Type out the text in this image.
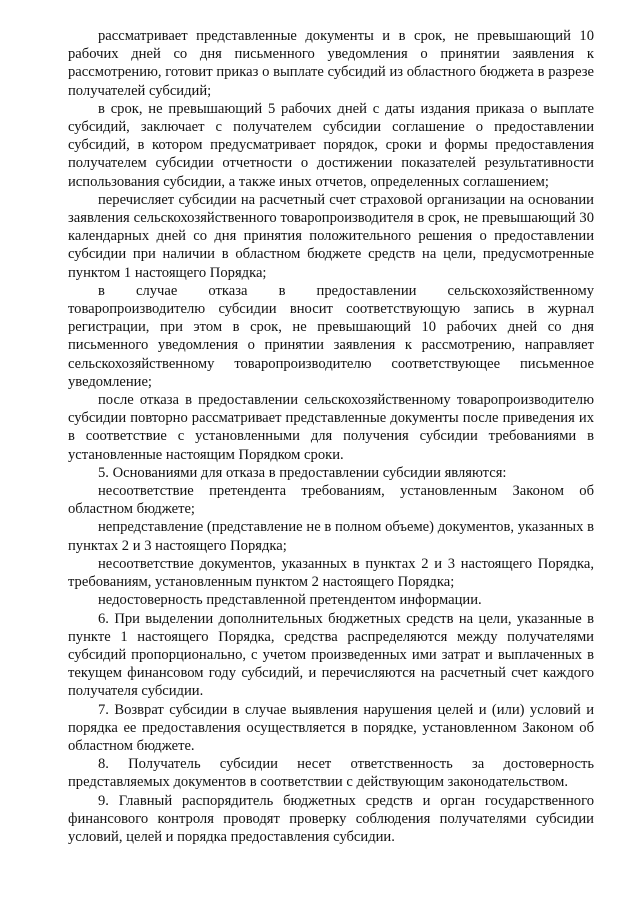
рассматривает представленные документы и в срок, не превышающий 10 рабочих дней со дня письменного уведомления о принятии заявления к рассмотрению, готовит приказ о выплате субсидий из областного бюджета в разрезе получателей субсидий;

в срок, не превышающий 5 рабочих дней с даты издания приказа о выплате субсидий, заключает с получателем субсидии соглашение о предоставлении субсидий, в котором предусматривает порядок, сроки и формы предоставления получателем субсидии отчетности о достижении показателей результативности использования субсидии, а также иных отчетов, определенных соглашением;

перечисляет субсидии на расчетный счет страховой организации на основании заявления сельскохозяйственного товаропроизводителя в срок, не превышающий 30 календарных дней со дня принятия положительного решения о предоставлении субсидии при наличии в областном бюджете средств на цели, предусмотренные пунктом 1 настоящего Порядка;

в случае отказа в предоставлении сельскохозяйственному товаропроизводителю субсидии вносит соответствующую запись в журнал регистрации, при этом в срок, не превышающий 10 рабочих дней со дня письменного уведомления о принятии заявления к рассмотрению, направляет сельскохозяйственному товаропроизводителю соответствующее письменное уведомление;

после отказа в предоставлении сельскохозяйственному товаропроизводителю субсидии повторно рассматривает представленные документы после приведения их в соответствие с установленными для получения субсидии требованиями в установленные настоящим Порядком сроки.

5. Основаниями для отказа в предоставлении субсидии являются:

несоответствие претендента требованиям, установленным Законом об областном бюджете;

непредставление (представление не в полном объеме) документов, указанных в пунктах 2 и 3 настоящего Порядка;

несоответствие документов, указанных в пунктах 2 и 3 настоящего Порядка, требованиям, установленным пунктом 2 настоящего Порядка;

недостоверность представленной претендентом информации.

6. При выделении дополнительных бюджетных средств на цели, указанные в пункте 1 настоящего Порядка, средства распределяются между получателями субсидий пропорционально, с учетом произведенных ими затрат и выплаченных в текущем финансовом году субсидий, и перечисляются на расчетный счет каждого получателя субсидии.

7. Возврат субсидии в случае выявления нарушения целей и (или) условий и порядка ее предоставления осуществляется в порядке, установленном Законом об областном бюджете.

8. Получатель субсидии несет ответственность за достоверность представляемых документов в соответствии с действующим законодательством.

9. Главный распорядитель бюджетных средств и орган государственного финансового контроля проводят проверку соблюдения получателями субсидии условий, целей и порядка предоставления субсидии.
